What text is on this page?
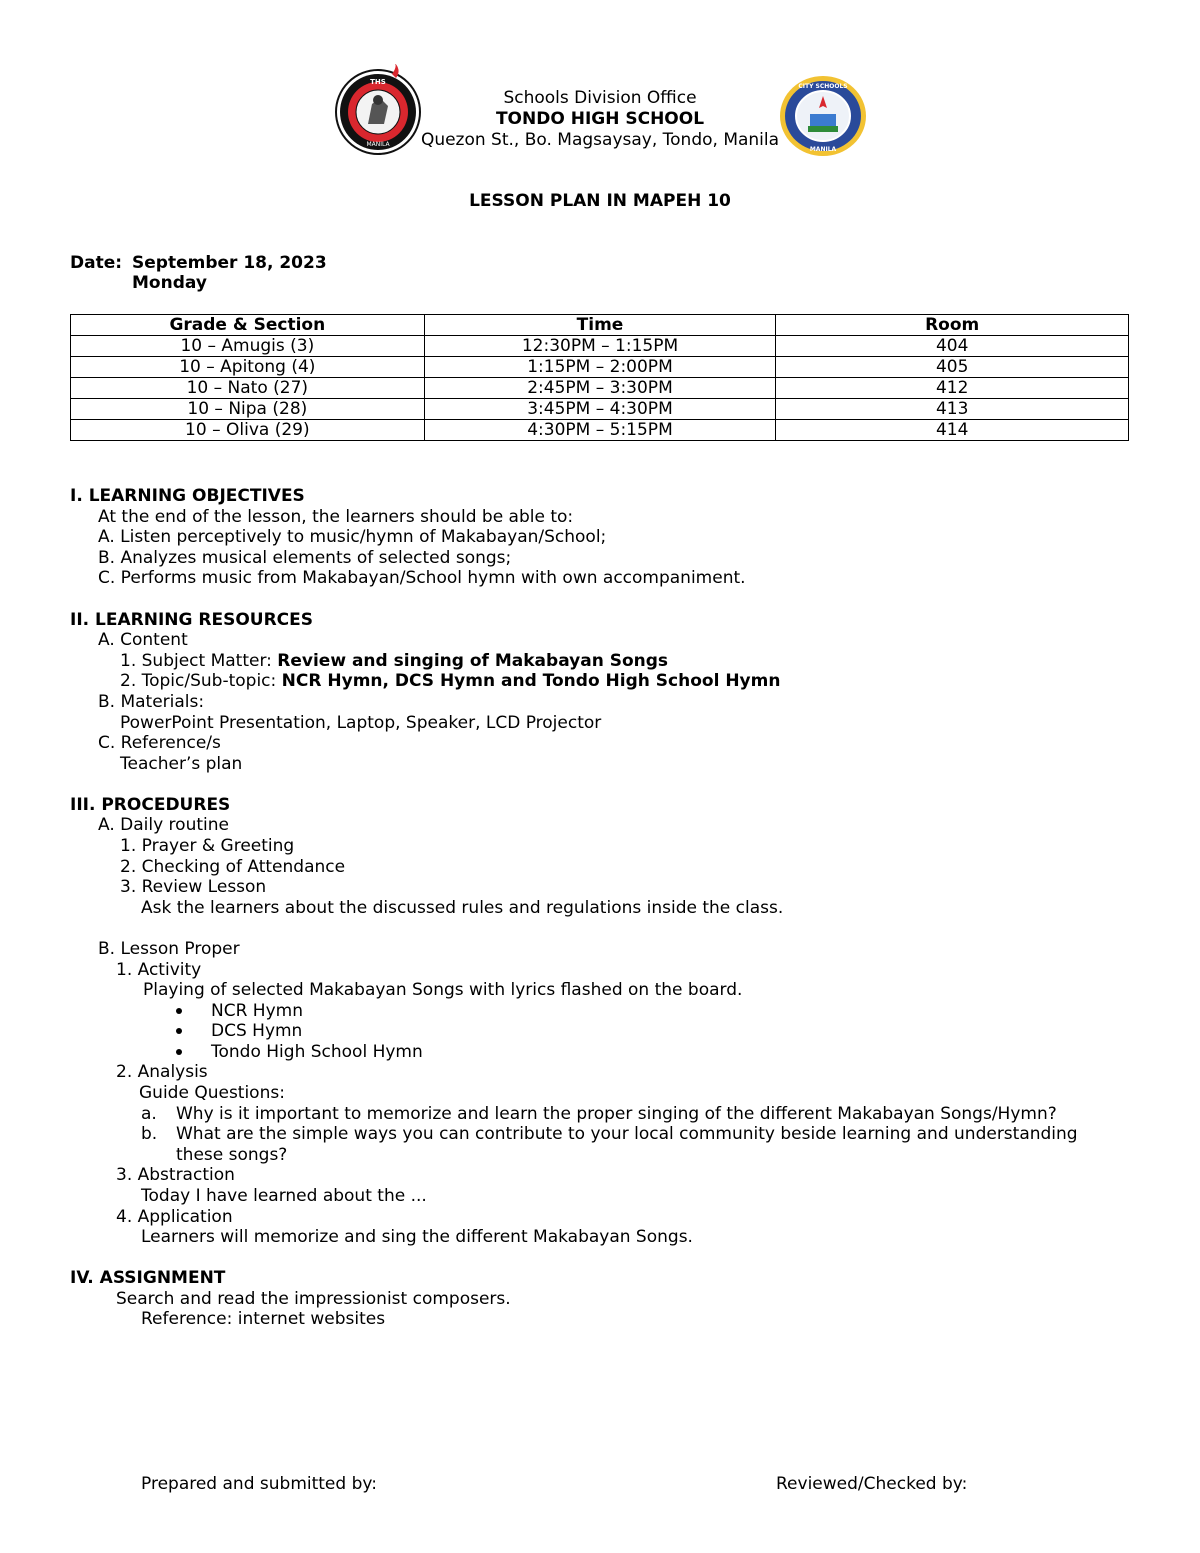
THS
MANILA
CITY SCHOOLS
MANILA
Schools Division Office
TONDO HIGH SCHOOL
Quezon St., Bo. Magsaysay, Tondo, Manila
LESSON PLAN IN MAPEH 10
Date: September 18, 2023
Monday
Grade & Section	Time	Room
10 – Amugis (3)	12:30PM – 1:15PM	404
10 – Apitong (4)	1:15PM – 2:00PM	405
10 – Nato (27)	2:45PM – 3:30PM	412
10 – Nipa (28)	3:45PM – 4:30PM	413
10 – Oliva (29)	4:30PM – 5:15PM	414
I. LEARNING OBJECTIVES
At the end of the lesson, the learners should be able to:
A. Listen perceptively to music/hymn of Makabayan/School;
B. Analyzes musical elements of selected songs;
C. Performs music from Makabayan/School hymn with own accompaniment.
II. LEARNING RESOURCES
A. Content
1. Subject Matter: Review and singing of Makabayan Songs
2. Topic/Sub-topic: NCR Hymn, DCS Hymn and Tondo High School Hymn
B. Materials:
PowerPoint Presentation, Laptop, Speaker, LCD Projector
C. Reference/s
Teacher’s plan
III. PROCEDURES
A. Daily routine
1. Prayer & Greeting
2. Checking of Attendance
3. Review Lesson
Ask the learners about the discussed rules and regulations inside the class.
B. Lesson Proper
1. Activity
Playing of selected Makabayan Songs with lyrics flashed on the board.
NCR Hymn
DCS Hymn
Tondo High School Hymn
2. Analysis
Guide Questions:
a. Why is it important to memorize and learn the proper singing of the different Makabayan Songs/Hymn?
b. What are the simple ways you can contribute to your local community beside learning and understanding
these songs?
3. Abstraction
Today I have learned about the ...
4. Application
Learners will memorize and sing the different Makabayan Songs.
IV. ASSIGNMENT
Search and read the impressionist composers.
Reference: internet websites
Prepared and submitted by:	Reviewed/Checked by:
